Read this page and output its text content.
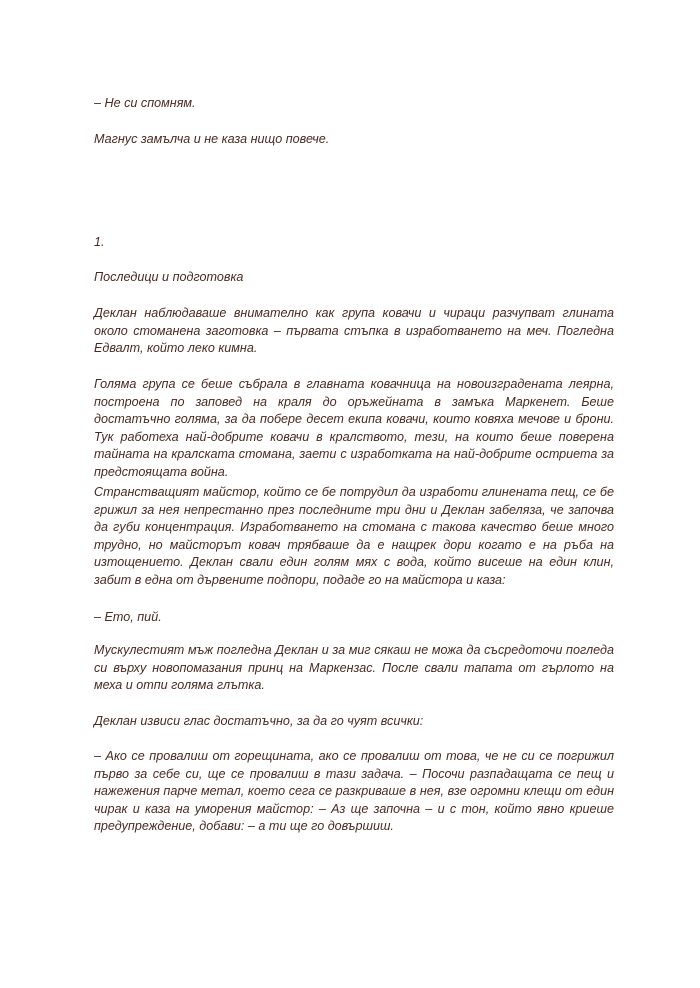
– Не си спомням.

Магнус замълча и не каза нищо повече.

1.

Последици и подготовка

Деклан наблюдаваше внимателно как група ковачи и чираци разчупват глината около стоманена заготовка – първата стъпка в изработването на меч. Погледна Едвалт, който леко кимна.

Голяма група се беше събрала в главната ковачница на новоизградената леярна, построена по заповед на краля до оръжейната в замъка Маркенет. Беше достатъчно голяма, за да побере десет екипа ковачи, които ковяха мечове и брони. Тук работеха най-добрите ковачи в кралството, тези, на които беше поверена тайната на кралската стомана, заети с изработката на най-добрите остриета за предстоящата война.

Странстващият майстор, който се бе потрудил да изработи глинената пещ, се бе грижил за нея непрестанно през последните три дни и Деклан забеляза, че започва да губи концентрация. Изработването на стомана с такова качество беше много трудно, но майсторът ковач трябваше да е нащрек дори когато е на ръба на изтощението. Деклан свали един голям мях с вода, който висеше на един клин, забит в една от дървените подпори, подаде го на майстора и каза:

– Ето, пий.

Мускулестият мъж погледна Деклан и за миг сякаш не можа да съсредоточи погледа си върху новопомазания принц на Маркензас. После свали тапата от гърлото на меха и отпи голяма глътка.

Деклан извиси глас достатъчно, за да го чуят всички:

– Ако се провалиш от горещината, ако се провалиш от това, че не си се погрижил първо за себе си, ще се провалиш в тази задача. – Посочи разпадащата се пещ и нажежения парче метал, което сега се разкриваше в нея, взе огромни клещи от един чирак и каза на уморения майстор: – Аз ще започна – и с тон, който явно криеше предупреждение, добави: – а ти ще го довършиш.
